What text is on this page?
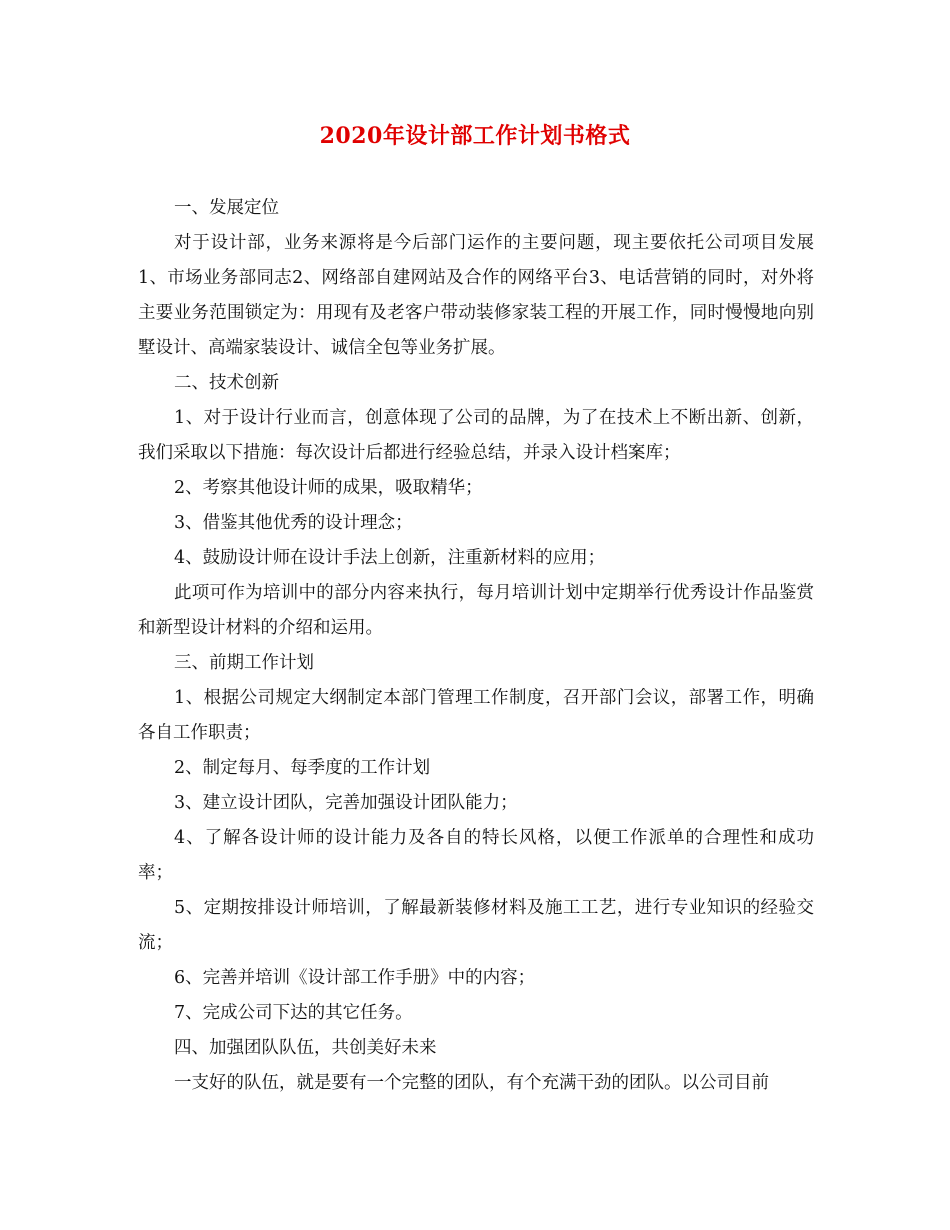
2020年设计部工作计划书格式

一、发展定位

对于设计部，业务来源将是今后部门运作的主要问题，现主要依托公司项目发展1、市场业务部同志2、网络部自建网站及合作的网络平台3、电话营销的同时，对外将主要业务范围锁定为：用现有及老客户带动装修家装工程的开展工作，同时慢慢地向别墅设计、高端家装设计、诚信全包等业务扩展。

二、技术创新

1、对于设计行业而言，创意体现了公司的品牌，为了在技术上不断出新、创新，我们采取以下措施：每次设计后都进行经验总结，并录入设计档案库；

2、考察其他设计师的成果，吸取精华；

3、借鉴其他优秀的设计理念；

4、鼓励设计师在设计手法上创新，注重新材料的应用；

此项可作为培训中的部分内容来执行，每月培训计划中定期举行优秀设计作品鉴赏和新型设计材料的介绍和运用。

三、前期工作计划

1、根据公司规定大纲制定本部门管理工作制度，召开部门会议，部署工作，明确各自工作职责；

2、制定每月、每季度的工作计划

3、建立设计团队，完善加强设计团队能力；

4、了解各设计师的设计能力及各自的特长风格，以便工作派单的合理性和成功率；

5、定期按排设计师培训，了解最新装修材料及施工工艺，进行专业知识的经验交流；

6、完善并培训《设计部工作手册》中的内容；

7、完成公司下达的其它任务。

四、加强团队队伍，共创美好未来

一支好的队伍，就是要有一个完整的团队，有个充满干劲的团队。以公司目前
